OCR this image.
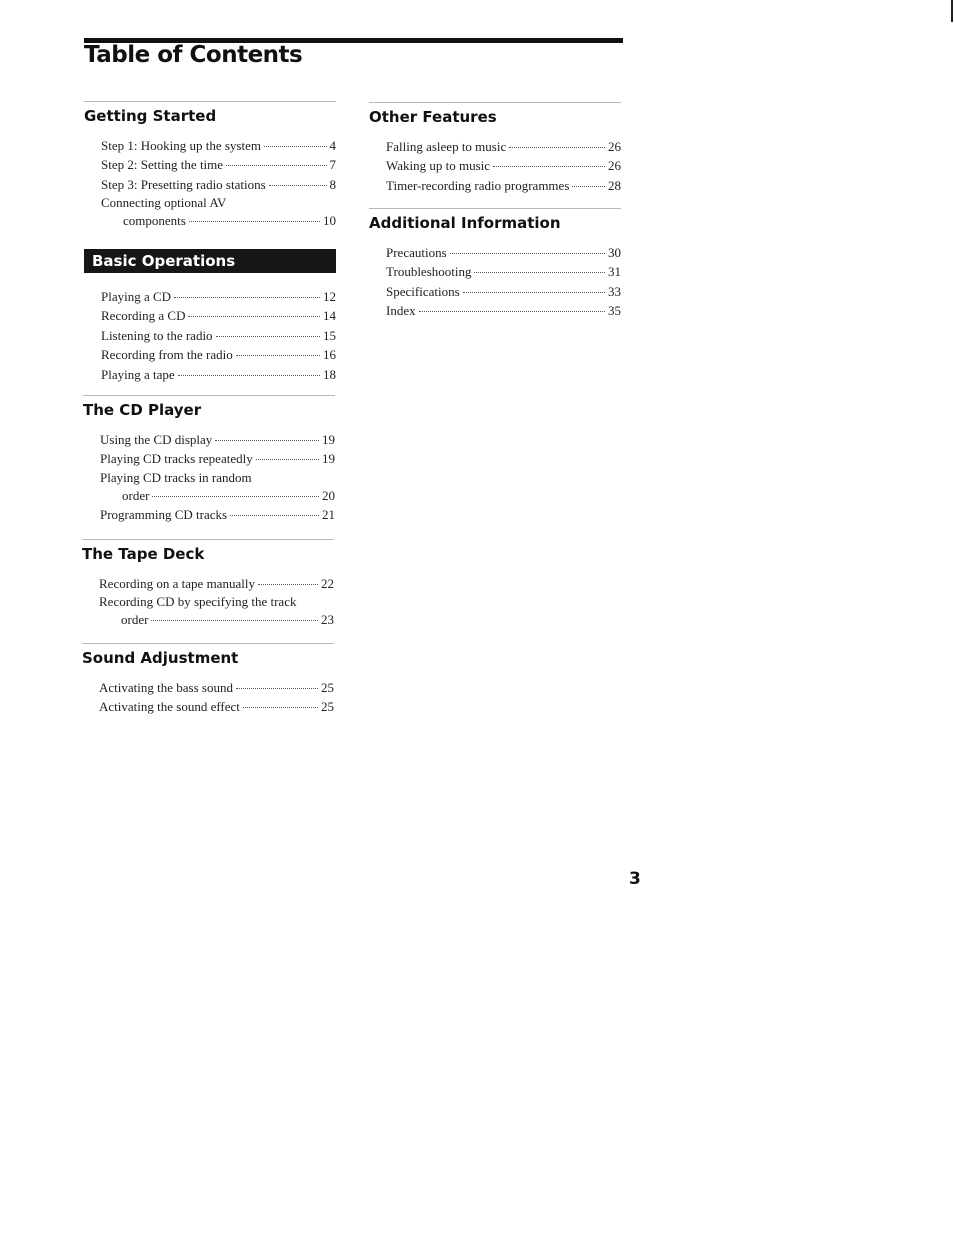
Table of Contents
Getting Started
Step 1: Hooking up the system	4
Step 2: Setting the time	7
Step 3: Presetting radio stations	8
Connecting optional AV
components	10
Basic Operations
Playing a CD	12
Recording a CD	14
Listening to the radio	15
Recording from the radio	16
Playing a tape	18
The CD Player
Using the CD display	19
Playing CD tracks repeatedly	19
Playing CD tracks in random
order	20
Programming CD tracks	21
The Tape Deck
Recording on a tape manually	22
Recording CD by specifying the track
order	23
Sound Adjustment
Activating the bass sound	25
Activating the sound effect	25
Other Features
Falling asleep to music	26
Waking up to music	26
Timer-recording radio programmes	28
Additional Information
Precautions	30
Troubleshooting	31
Specifications	33
Index	35
3
